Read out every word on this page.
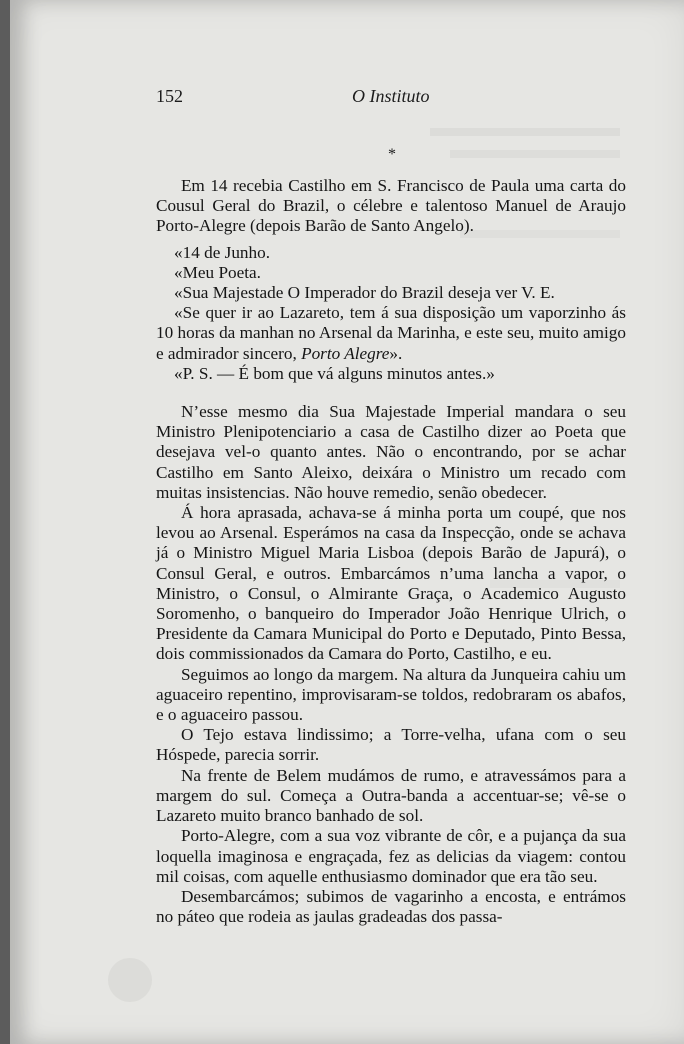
152	O Instituto
*

Em 14 recebia Castilho em S. Francisco de Paula uma carta do Cousul Geral do Brazil, o célebre e talentoso Manuel de Araujo Porto-Alegre (depois Barão de Santo Angelo).

«14 de Junho.

«Meu Poeta.

«Sua Majestade O Imperador do Brazil deseja ver V. E.

«Se quer ir ao Lazareto, tem á sua disposição um vaporzinho ás 10 horas da manhan no Arsenal da Marinha, e este seu, muito amigo e admirador sincero, Porto Alegre».

«P. S. — É bom que vá alguns minutos antes.»

N’esse mesmo dia Sua Majestade Imperial mandara o seu Ministro Plenipotenciario a casa de Castilho dizer ao Poeta que desejava vel-o quanto antes. Não o encontrando, por se achar Castilho em Santo Aleixo, deixára o Ministro um recado com muitas insistencias. Não houve remedio, senão obedecer.

Á hora aprasada, achava-se á minha porta um coupé, que nos levou ao Arsenal. Esperámos na casa da Inspecção, onde se achava já o Ministro Miguel Maria Lisboa (depois Barão de Japurá), o Consul Geral, e outros. Embarcámos n’uma lancha a vapor, o Ministro, o Consul, o Almirante Graça, o Academico Augusto Soromenho, o banqueiro do Imperador João Henrique Ulrich, o Presidente da Camara Municipal do Porto e Deputado, Pinto Bessa, dois commissionados da Camara do Porto, Castilho, e eu.

Seguimos ao longo da margem. Na altura da Junqueira cahiu um aguaceiro repentino, improvisaram-se toldos, redobraram os abafos, e o aguaceiro passou.

O Tejo estava lindissimo; a Torre-velha, ufana com o seu Hóspede, parecia sorrir.

Na frente de Belem mudámos de rumo, e atravessámos para a margem do sul. Começa a Outra-banda a accentuar-se; vê-se o Lazareto muito branco banhado de sol.

Porto-Alegre, com a sua voz vibrante de côr, e a pujança da sua loquella imaginosa e engraçada, fez as delicias da viagem: contou mil coisas, com aquelle enthusiasmo dominador que era tão seu.

Desembarcámos; subimos de vagarinho a encosta, e entrámos no páteo que rodeia as jaulas gradeadas dos passa-
